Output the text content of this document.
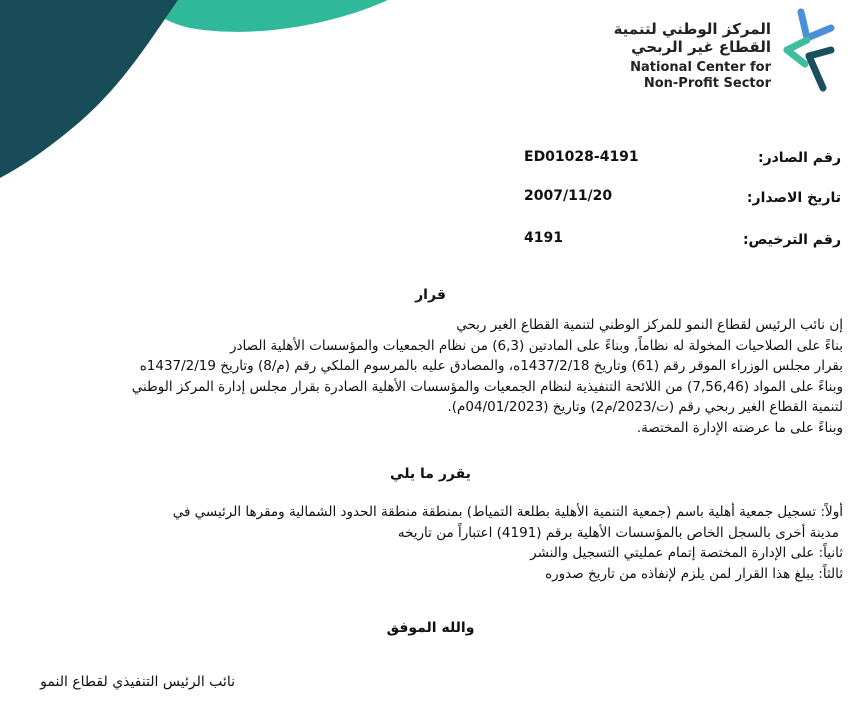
المركز الوطني لتنمية
القطاع غير الربحي
National Center for
Non-Profit Sector
رقم الصادر:
ED01028-4191
تاريخ الاصدار:
2007/11/20
رقم الترخيص:
4191
قرار
إن نائب الرئيس لقطاع النمو للمركز الوطني لتنمية القطاع الغير ربحي
بناءً على الصلاحيات المخولة له نظاماً, وبناءً على المادتين (6,3) من نظام الجمعيات والمؤسسات الأهلية الصادر
بقرار مجلس الوزراء الموقر رقم (61) وتاريخ 1437/2/18ه، والمصادق عليه بالمرسوم الملكي رقم (م/8) وتاريخ 1437/2/19ه
وبناءً على المواد (7,56,46) من اللائحة التنفيذية لنظام الجمعيات والمؤسسات الأهلية الصادرة بقرار مجلس إدارة المركز الوطني
لتنمية القطاع الغير ربحي رقم (ت/2023/م2) وتاريخ (04/01/2023م).
وبناءً على ما عرضته الإدارة المختصة.
يقرر ما يلي
أولاً: تسجيل جمعية أهلية باسم (جمعية التنمية الأهلية بطلعة التمياط) بمنطقة منطقة الحدود الشمالية ومقرها الرئيسي في
مدينة أخرى بالسجل الخاص بالمؤسسات الأهلية برقم (4191) اعتباراً من تاريخه
ثانياً: على الإدارة المختصة إتمام عمليتي التسجيل والنشر
ثالثاً: يبلغ هذا القرار لمن يلزم لإنفاذه من تاريخ صدوره
والله الموفق
نائب الرئيس التنفيذي لقطاع النمو
